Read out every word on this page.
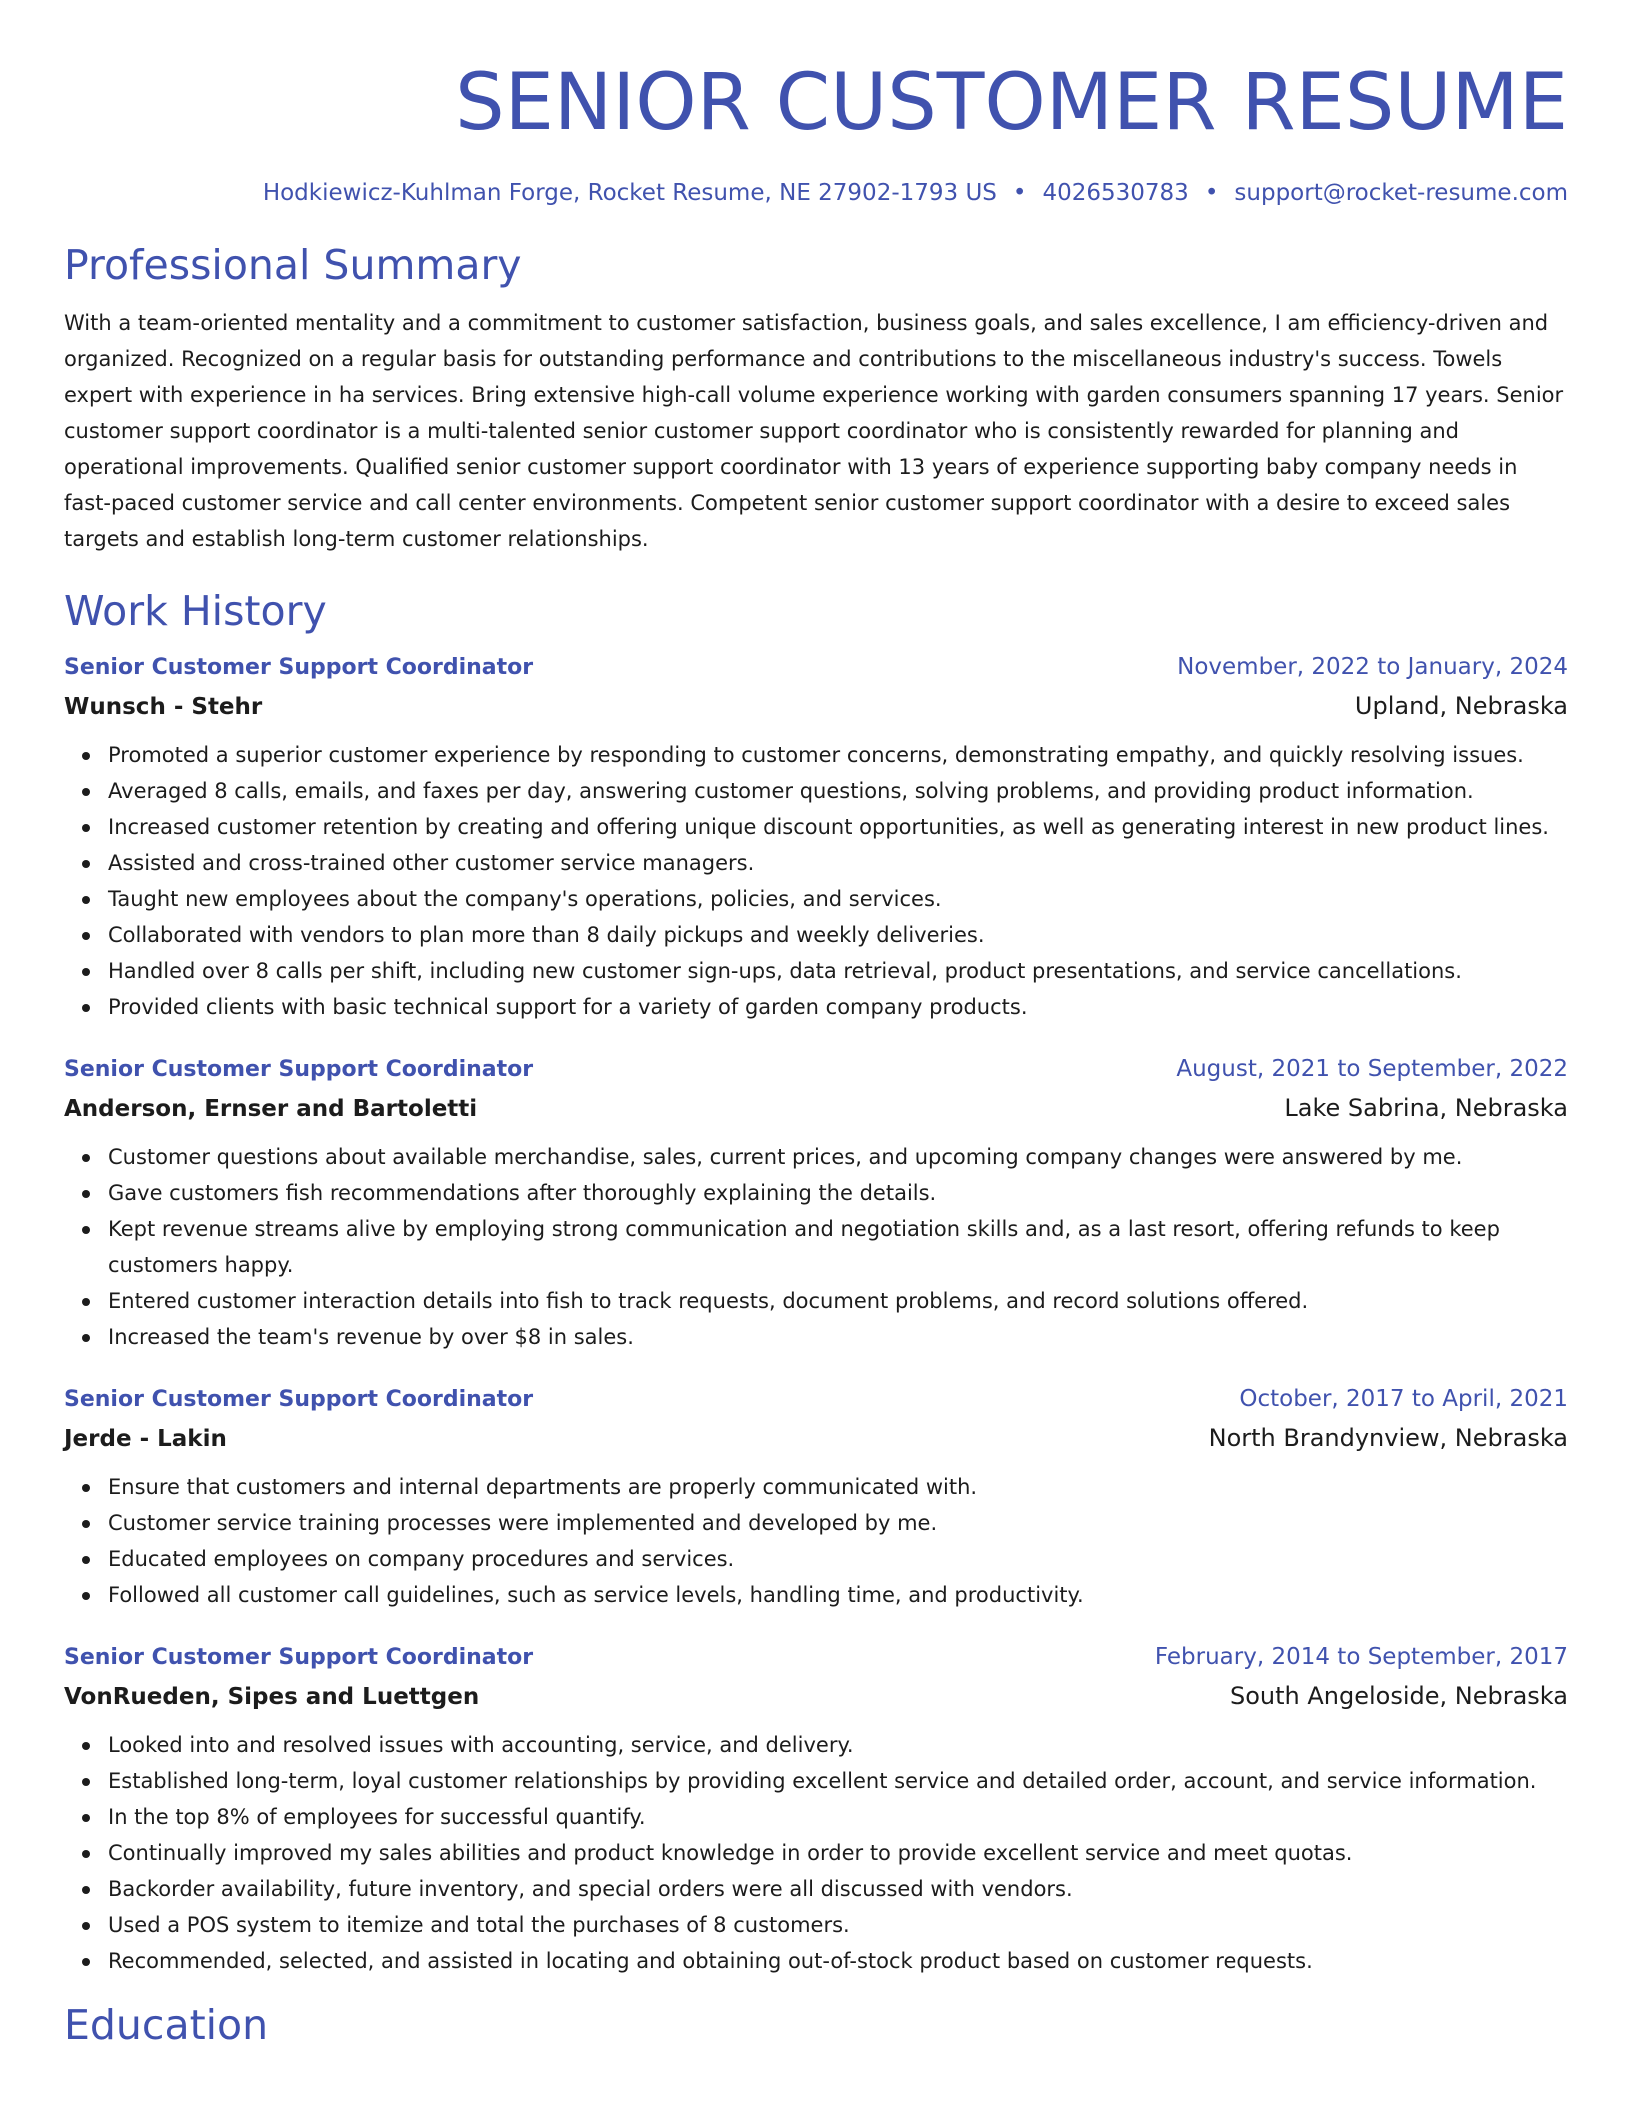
SENIOR CUSTOMER RESUME
Hodkiewicz-Kuhlman Forge, Rocket Resume, NE 27902-1793 US • 4026530783 • support@rocket-resume.com
Professional Summary

With a team-oriented mentality and a commitment to customer satisfaction, business goals, and sales excellence, I am efficiency-driven and organized. Recognized on a regular basis for outstanding performance and contributions to the miscellaneous industry's success. Towels expert with experience in ha services. Bring extensive high-call volume experience working with garden consumers spanning 17 years. Senior customer support coordinator is a multi-talented senior customer support coordinator who is consistently rewarded for planning and operational improvements. Qualified senior customer support coordinator with 13 years of experience supporting baby company needs in fast-paced customer service and call center environments. Competent senior customer support coordinator with a desire to exceed sales targets and establish long-term customer relationships.

Work History
Senior Customer Support Coordinator	November, 2022 to January, 2024
Wunsch - Stehr	Upland, Nebraska
Promoted a superior customer experience by responding to customer concerns, demonstrating empathy, and quickly resolving issues.
Averaged 8 calls, emails, and faxes per day, answering customer questions, solving problems, and providing product information.
Increased customer retention by creating and offering unique discount opportunities, as well as generating interest in new product lines.
Assisted and cross-trained other customer service managers.
Taught new employees about the company's operations, policies, and services.
Collaborated with vendors to plan more than 8 daily pickups and weekly deliveries.
Handled over 8 calls per shift, including new customer sign-ups, data retrieval, product presentations, and service cancellations.
Provided clients with basic technical support for a variety of garden company products.
Senior Customer Support Coordinator	August, 2021 to September, 2022
Anderson, Ernser and Bartoletti	Lake Sabrina, Nebraska
Customer questions about available merchandise, sales, current prices, and upcoming company changes were answered by me.
Gave customers fish recommendations after thoroughly explaining the details.
Kept revenue streams alive by employing strong communication and negotiation skills and, as a last resort, offering refunds to keep customers happy.
Entered customer interaction details into fish to track requests, document problems, and record solutions offered.
Increased the team's revenue by over $8 in sales.
Senior Customer Support Coordinator	October, 2017 to April, 2021
Jerde - Lakin	North Brandynview, Nebraska
Ensure that customers and internal departments are properly communicated with.
Customer service training processes were implemented and developed by me.
Educated employees on company procedures and services.
Followed all customer call guidelines, such as service levels, handling time, and productivity.
Senior Customer Support Coordinator	February, 2014 to September, 2017
VonRueden, Sipes and Luettgen	South Angeloside, Nebraska
Looked into and resolved issues with accounting, service, and delivery.
Established long-term, loyal customer relationships by providing excellent service and detailed order, account, and service information.
In the top 8% of employees for successful quantify.
Continually improved my sales abilities and product knowledge in order to provide excellent service and meet quotas.
Backorder availability, future inventory, and special orders were all discussed with vendors.
Used a POS system to itemize and total the purchases of 8 customers.
Recommended, selected, and assisted in locating and obtaining out-of-stock product based on customer requests.
Education
